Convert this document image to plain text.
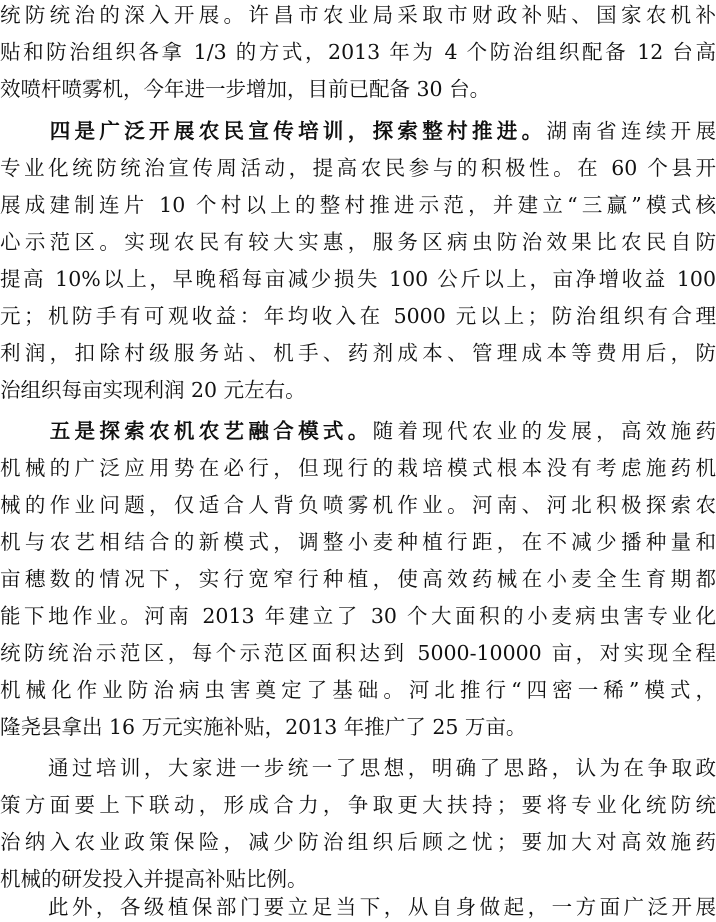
统防统治的深入开展。许昌市农业局采取市财政补贴、国家农机补
贴和防治组织各拿 1/3 的方式，2013 年为 4 个防治组织配备 12 台高
效喷杆喷雾机，今年进一步增加，目前已配备 30 台。
　　四是广泛开展农民宣传培训，探索整村推进。湖南省连续开展
专业化统防统治宣传周活动，提高农民参与的积极性。在 60 个县开
展成建制连片 10 个村以上的整村推进示范，并建立“三赢”模式核
心示范区。实现农民有较大实惠，服务区病虫防治效果比农民自防
提高 10%以上，早晚稻每亩减少损失 100 公斤以上，亩净增收益 100
元；机防手有可观收益：年均收入在 5000 元以上；防治组织有合理
利润，扣除村级服务站、机手、药剂成本、管理成本等费用后，防
治组织每亩实现利润 20 元左右。
　　五是探索农机农艺融合模式。随着现代农业的发展，高效施药
机械的广泛应用势在必行，但现行的栽培模式根本没有考虑施药机
械的作业问题，仅适合人背负喷雾机作业。河南、河北积极探索农
机与农艺相结合的新模式，调整小麦种植行距，在不减少播种量和
亩穗数的情况下，实行宽窄行种植，使高效药械在小麦全生育期都
能下地作业。河南 2013 年建立了 30 个大面积的小麦病虫害专业化
统防统治示范区，每个示范区面积达到 5000-10000 亩，对实现全程
机械化作业防治病虫害奠定了基础。河北推行“四密一稀”模式，
隆尧县拿出 16 万元实施补贴，2013 年推广了 25 万亩。
　　通过培训，大家进一步统一了思想，明确了思路，认为在争取政
策方面要上下联动，形成合力，争取更大扶持；要将专业化统防统
治纳入农业政策保险，减少防治组织后顾之忧；要加大对高效施药
机械的研发投入并提高补贴比例。
　　此外，各级植保部门要立足当下，从自身做起，一方面广泛开展
